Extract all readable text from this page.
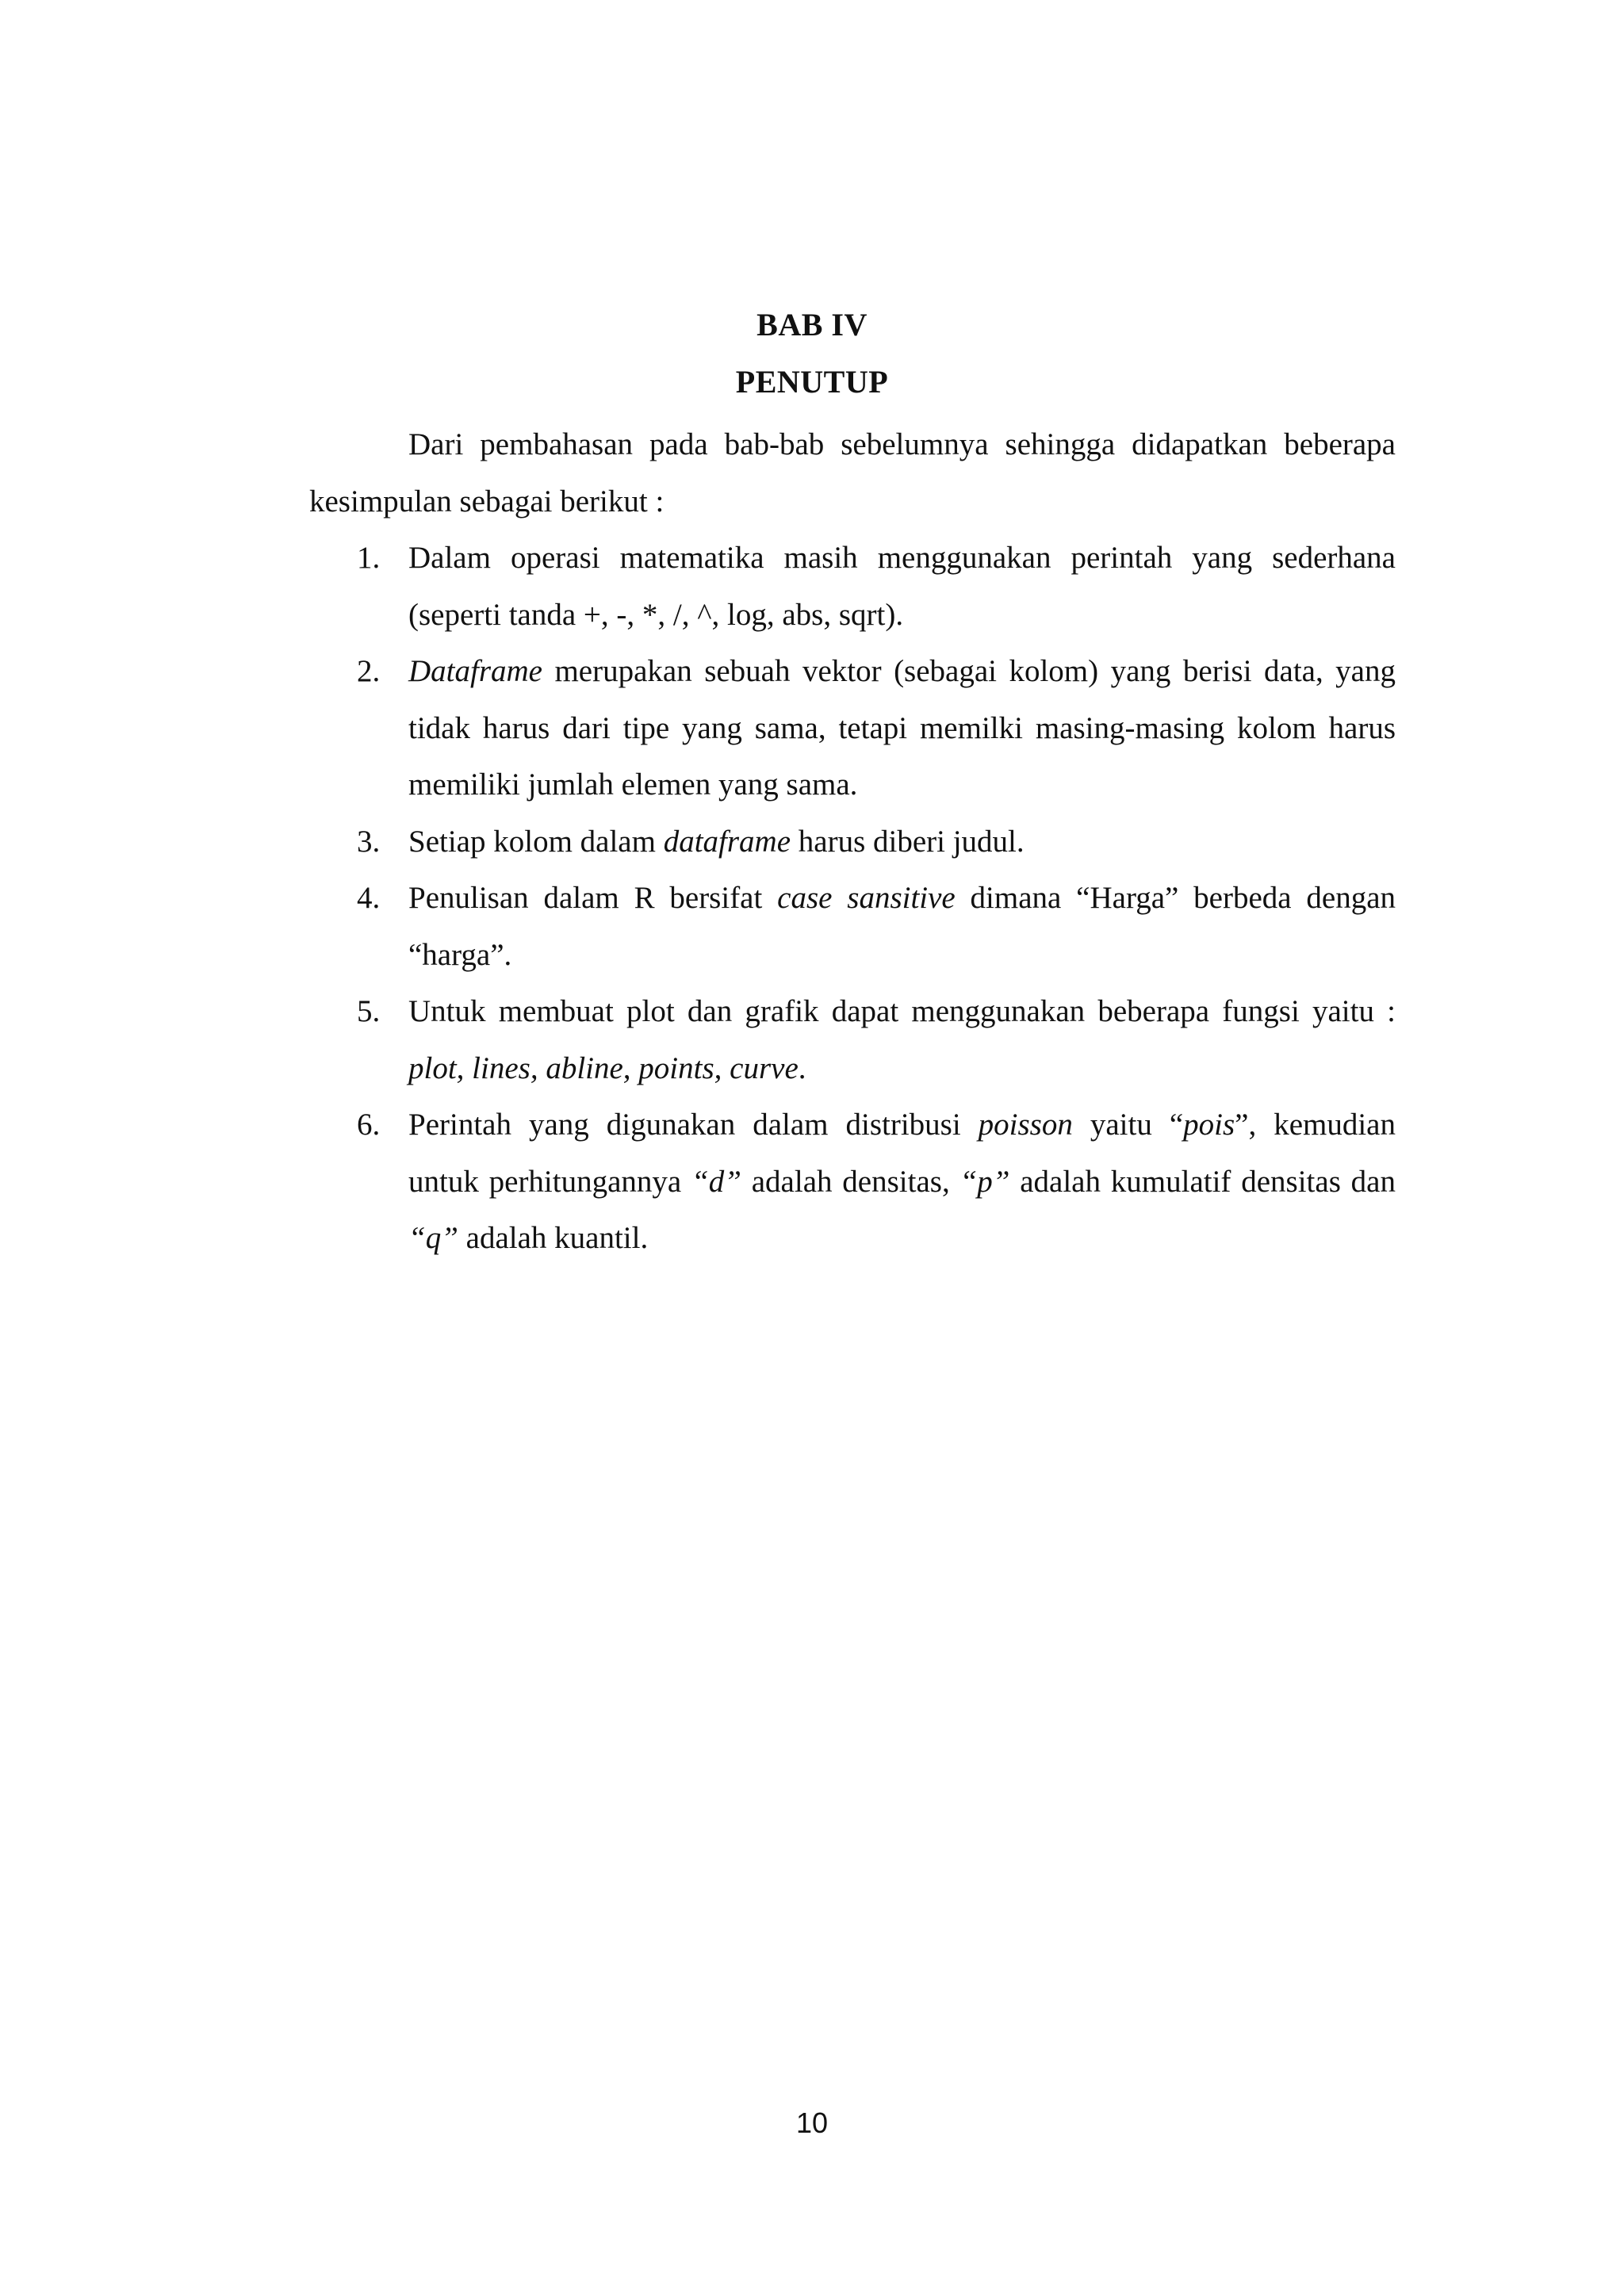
BAB IV
PENUTUP

Dari pembahasan pada bab-bab sebelumnya sehingga didapatkan beberapa kesimpulan sebagai berikut :

1. Dalam operasi matematika masih menggunakan perintah yang sederhana (seperti tanda +, -, *, /, ^, log, abs, sqrt).
2. Dataframe merupakan sebuah vektor (sebagai kolom) yang berisi data, yang tidak harus dari tipe yang sama, tetapi memilki masing-masing kolom harus memiliki jumlah elemen yang sama.
3. Setiap kolom dalam dataframe harus diberi judul.
4. Penulisan dalam R bersifat case sansitive dimana “Harga” berbeda dengan “harga”.
5. Untuk membuat plot dan grafik dapat menggunakan beberapa fungsi yaitu : plot, lines, abline, points, curve.
6. Perintah yang digunakan dalam distribusi poisson yaitu “pois”, kemudian untuk perhitungannya “d” adalah densitas, “p” adalah kumulatif densitas dan “q” adalah kuantil.
10
